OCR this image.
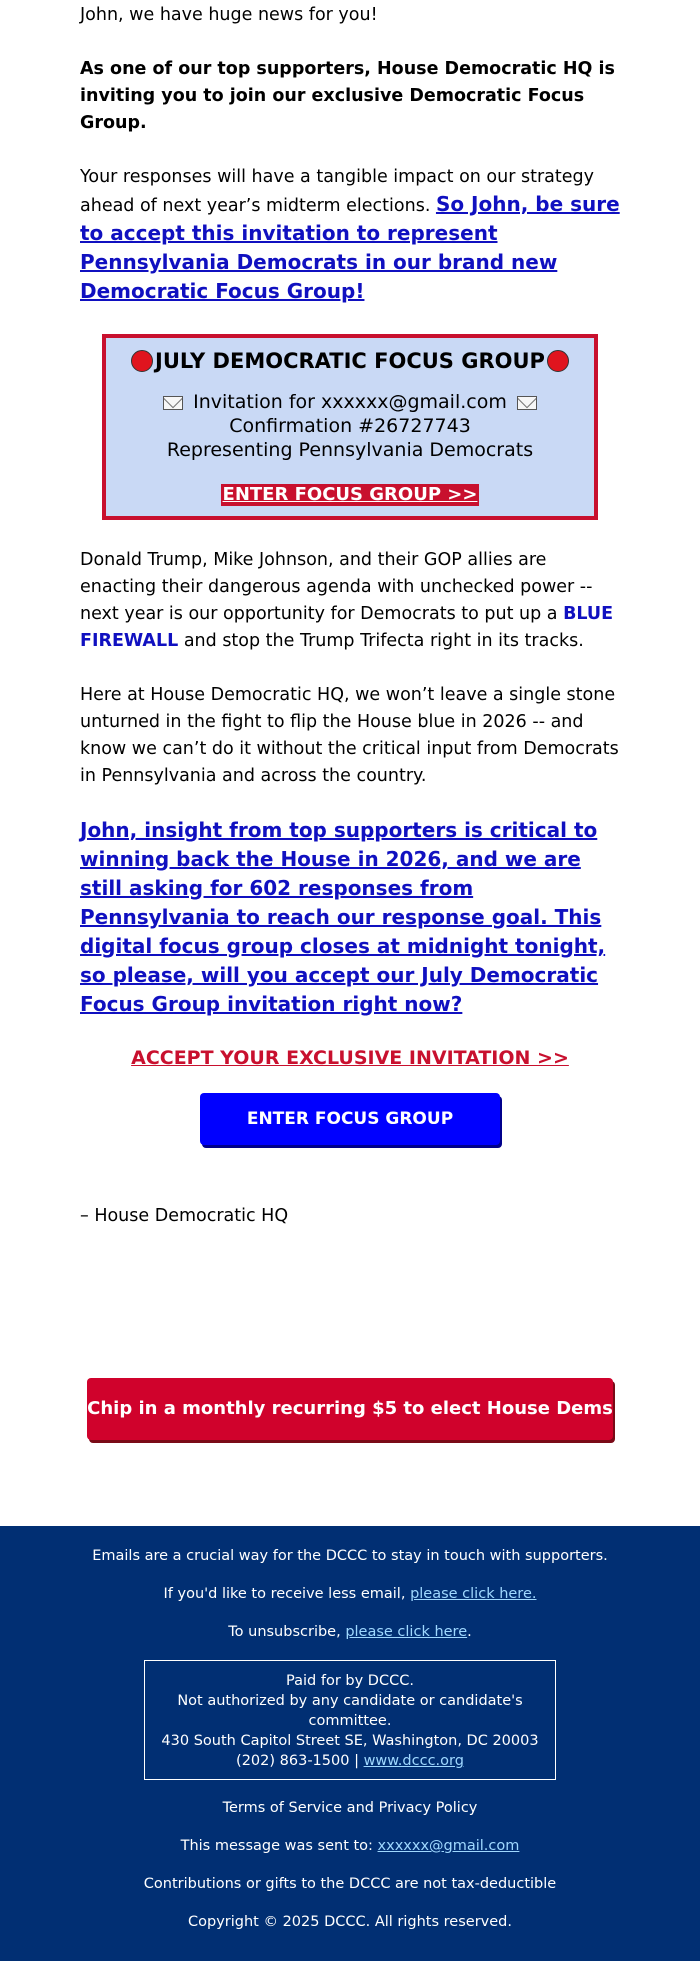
John, we have huge news for you!

As one of our top supporters, House Democratic HQ is inviting you to join our exclusive Democratic Focus Group.

Your responses will have a tangible impact on our strategy ahead of next year’s midterm elections. So John, be sure to accept this invitation to represent Pennsylvania Democrats in our brand new Democratic Focus Group!

JULY DEMOCRATIC FOCUS GROUP
Invitation for xxxxxx@gmail.com
Confirmation #26727743
Representing Pennsylvania Democrats
ENTER FOCUS GROUP >>

Donald Trump, Mike Johnson, and their GOP allies are enacting their dangerous agenda with unchecked power -- next year is our opportunity for Democrats to put up a BLUE FIREWALL and stop the Trump Trifecta right in its tracks.

Here at House Democratic HQ, we won’t leave a single stone unturned in the fight to flip the House blue in 2026 -- and know we can’t do it without the critical input from Democrats in Pennsylvania and across the country.

John, insight from top supporters is critical to winning back the House in 2026, and we are still asking for 602 responses from Pennsylvania to reach our response goal. This digital focus group closes at midnight tonight, so please, will you accept our July Democratic Focus Group invitation right now?

ACCEPT YOUR EXCLUSIVE INVITATION >>
ENTER FOCUS GROUP

– House Democratic HQ

Chip in a monthly recurring $5 to elect House Dems >>

Emails are a crucial way for the DCCC to stay in touch with supporters.

If you'd like to receive less email, please click here.

To unsubscribe, please click here.

Paid for by DCCC.
Not authorized by any candidate or candidate's committee.
430 South Capitol Street SE, Washington, DC 20003
(202) 863-1500 | www.dccc.org

Terms of Service and Privacy Policy

This message was sent to: xxxxxx@gmail.com

Contributions or gifts to the DCCC are not tax-deductible

Copyright © 2025 DCCC. All rights reserved.
